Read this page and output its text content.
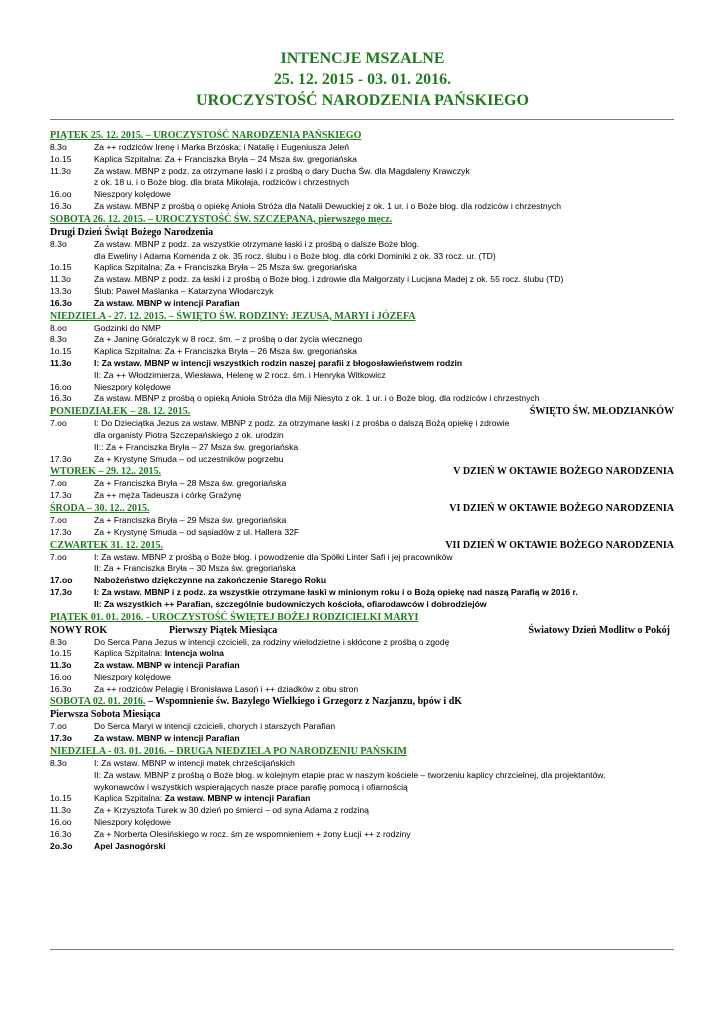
INTENCJE MSZALNE
25. 12. 2015 - 03. 01. 2016.
UROCZYSTOŚĆ NARODZENIA PAŃSKIEGO
PIĄTEK 25. 12. 2015. – UROCZYSTOŚĆ NARODZENIA PAŃSKIEGO
8.3o	Za ++ rodziców Irenę i Marka Brzóska; i Natalię i Eugeniusza Jeleń
1o.15	Kaplica Szpitalna: Za + Franciszka Bryła – 24 Msza św. gregoriańska
11.3o	Za wstaw. MBNP z podz. za otrzymane łaski i z prośbą o dary Ducha Św. dla Magdaleny Krawczyk
z ok. 18 u. i o Boże blog. dla brata Mikołaja, rodziców i chrzestnych
16.oo	Nieszpory kolędowe
16.3o	Za wstaw. MBNP z prośbą o opiekę Anioła Stróża dla Natalii Dewuckiej z ok. 1 ur. i o Boże blog. dla rodziców i chrzestnych
SOBOTA 26. 12. 2015. – UROCZYSTOŚĆ ŚW. SZCZEPANA, pierwszego męcz.
Drugi Dzień Świąt Bożego Narodzenia
8.3o	Za wstaw. MBNP z podz. za wszystkie otrzymane łaski i z prośbą o dalsze Boże blog.
dla Eweliny i Adama Komenda z ok. 35 rocz. ślubu i o Boże blog. dla córki Dominiki z ok. 33 rocz. ur. (TD)
1o.15	Kaplica Szpitalna: Za + Franciszka Bryła – 25 Msza św. gregoriańska
11.3o	Za wstaw. MBNP z podz. za łaski i z prośbą o Boże błog. i zdrowie dla Małgorzaty i Lucjana Madej z ok. 55 rocz. ślubu (TD)
13.3o	Ślub: Paweł Maślanka – Katarzyna Włodarczyk
16.3o	Za wstaw. MBNP w intencji Parafian
NIEDZIELA - 27. 12. 2015. – ŚWIĘTO ŚW. RODZINY: JEZUSA, MARYI i JÓZEFA
8.oo	Godzinki do NMP
8.3o	Za + Janinę Góralczyk w 8 rocz. śm. – z prośbą o dar życia wiecznego
1o.15	Kaplica Szpitalna: Za + Franciszka Bryła – 26 Msza św. gregoriańska
11.3o	I: Za wstaw. MBNP w intencji wszystkich rodzin naszej parafii z błogosławieństwem rodzin
II: Za ++ Włodzimierza, Wiesława, Helenę w 2 rocz. śm. i Henryka Witkowicz
16.oo	Nieszpory kolędowe
16.3o	Za wstaw. MBNP z prośbą o opieką Anioła Stróża dla Miji Niesyto z ok. 1 ur. i o Boże blog. dla rodziców i chrzestnych
PONIEDZIAŁEK – 28. 12. 2015.	ŚWIĘTO ŚW. MŁODZIANKÓW
7.oo	I: Do Dzieciątka Jezus za wstaw. MBNP z podz. za otrzymane łaski i z prośba o dalszą Bożą opiekę i zdrowie
dla organisty Piotra Szczepańskiego z ok. urodzin
II:: Za + Franciszka Bryła – 27 Msza św. gregoriańska
17.3o	Za + Krystynę Smuda – od uczestników pogrzebu
WTOREK – 29. 12.. 2015.	V DZIEŃ W OKTAWIE BOŻEGO NARODZENIA
7.oo	Za + Franciszka Bryła – 28 Msza św. gregoriańska
17.3o	Za ++ męża Tadeusza i córkę Grażynę
ŚRODA – 30. 12.. 2015.	VI DZIEŃ W OKTAWIE BOŻEGO NARODZENIA
7.oo	Za + Franciszka Bryła – 29 Msza św. gregoriańska
17.3o	Za + Krystynę Smuda – od sąsiadów z ul. Hallera 32F
CZWARTEK 31. 12. 2015.	VII DZIEŃ W OKTAWIE BOŻEGO NARODZENIA
7.oo	I: Za wstaw. MBNP z prośbą o Boże błog. i powodzenie dla Spółki Linter Safi i jej pracowników
II: Za + Franciszka Bryła – 30 Msza św. gregoriańska
17.oo	Nabożeństwo dziękczynne na zakończenie Starego Roku
17.3o	I: Za wstaw. MBNP i z podz. za wszystkie otrzymane łaski w minionym roku i o Bożą opiekę nad naszą Parafią w 2016 r.
II: Za wszystkich ++ Parafian, szczególnie budowniczych kościoła, ofiarodawców i dobrodziejów
PIĄTEK 01. 01. 2016. - UROCZYSTOŚĆ ŚWIĘTEJ BOŻEJ RODZICIELKI MARYI
NOWY ROK	Pierwszy Piątek Miesiąca	Światowy Dzień Modlitw o Pokój
8.3o	Do Serca Pana Jezus w intencji czcicieli, za rodziny wielodzietne i skłócone z prośbą o zgodę
1o.15	Kaplica Szpitalna: Intencja wolna
11.3o	Za wstaw. MBNP w intencji Parafian
16.oo	Nieszpory kolędowe
16.3o	Za ++ rodziców Pelagię i Bronisława Lasoń i ++ dziadków z obu stron
SOBOTA 02. 01. 2016. – Wspomnienie św. Bazylego Wielkiego i Grzegorz z Nazjanzu, bpów i dK
Pierwsza Sobota Miesiąca
7.oo	Do Serca Maryi w intencji czcicieli, chorych i starszych Parafian
17.3o	Za wstaw. MBNP w intencji Parafian
NIEDZIELA - 03. 01. 2016. – DRUGA NIEDZIELA PO NARODZENIU PAŃSKIM
8.3o	I: Za wstaw. MBNP w intencji matek chrześcijańskich
II: Za wstaw. MBNP z prośbą o Boże błog. w kolejnym etapie prac w naszym kościele – tworzeniu kaplicy chrzcielnej, dla projektantów,
wykonawców i wszystkich wspierających nasze prace parafię pomocą i ofiarnością
1o.15	Kaplica Szpitalna: Za wstaw. MBNP w intencji Parafian
11.3o	Za + Krzysztofa Turek w 30 dzień po śmierci – od syna Adama z rodziną
16.oo	Nieszpory kolędowe
16.3o	Za + Norberta Olesińskiego w rocz. śm ze wspomnieniem + żony Łucji ++ z rodziny
2o.3o	Apel Jasnogórski
